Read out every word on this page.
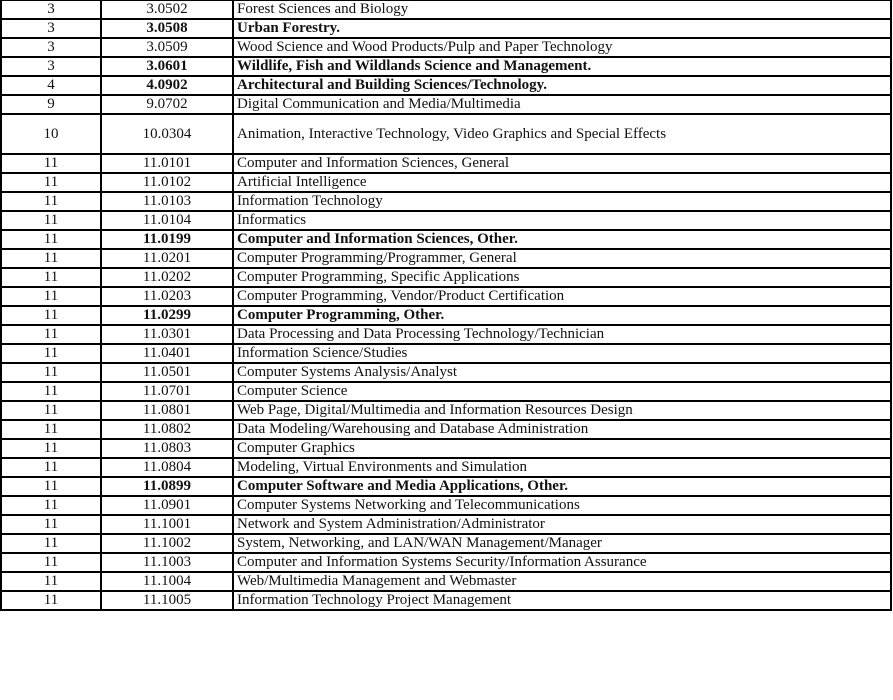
3	3.0502	Forest Sciences and Biology
3	3.0508	Urban Forestry.
3	3.0509	Wood Science and Wood Products/Pulp and Paper Technology
3	3.0601	Wildlife, Fish and Wildlands Science and Management.
4	4.0902	Architectural and Building Sciences/Technology.
9	9.0702	Digital Communication and Media/Multimedia
10	10.0304	Animation, Interactive Technology, Video Graphics and Special Effects
11	11.0101	Computer and Information Sciences, General
11	11.0102	Artificial Intelligence
11	11.0103	Information Technology
11	11.0104	Informatics
11	11.0199	Computer and Information Sciences, Other.
11	11.0201	Computer Programming/Programmer, General
11	11.0202	Computer Programming, Specific Applications
11	11.0203	Computer Programming, Vendor/Product Certification
11	11.0299	Computer Programming, Other.
11	11.0301	Data Processing and Data Processing Technology/Technician
11	11.0401	Information Science/Studies
11	11.0501	Computer Systems Analysis/Analyst
11	11.0701	Computer Science
11	11.0801	Web Page, Digital/Multimedia and Information Resources Design
11	11.0802	Data Modeling/Warehousing and Database Administration
11	11.0803	Computer Graphics
11	11.0804	Modeling, Virtual Environments and Simulation
11	11.0899	Computer Software and Media Applications, Other.
11	11.0901	Computer Systems Networking and Telecommunications
11	11.1001	Network and System Administration/Administrator
11	11.1002	System, Networking, and LAN/WAN Management/Manager
11	11.1003	Computer and Information Systems Security/Information Assurance
11	11.1004	Web/Multimedia Management and Webmaster
11	11.1005	Information Technology Project Management
